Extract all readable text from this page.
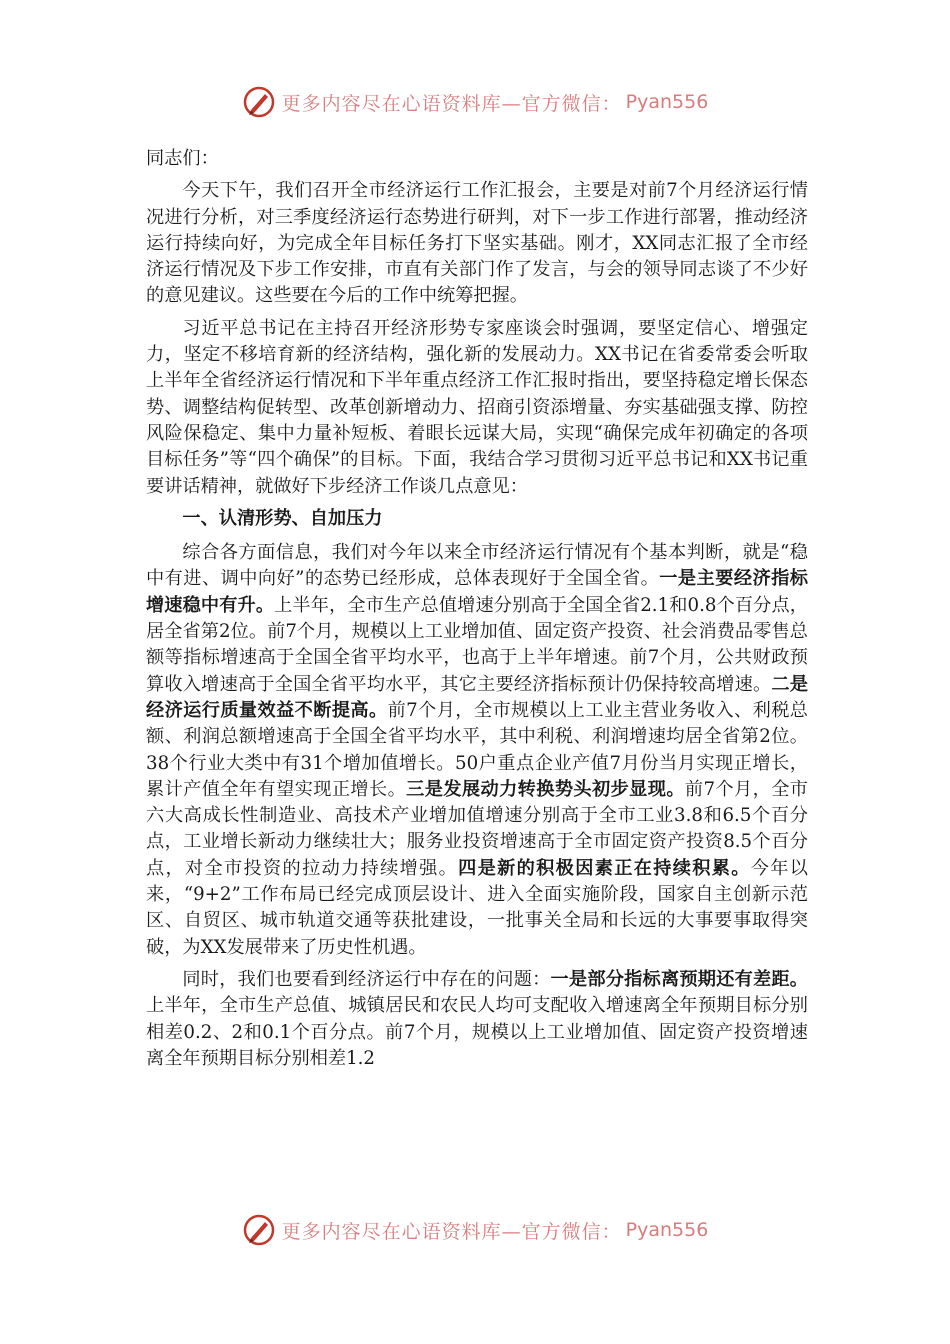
更多内容尽在心语资料库—官方微信： Pyan556

同志们：

今天下午，我们召开全市经济运行工作汇报会，主要是对前7个月经济运行情况进行分析，对三季度经济运行态势进行研判，对下一步工作进行部署，推动经济运行持续向好，为完成全年目标任务打下坚实基础。刚才，XX同志汇报了全市经济运行情况及下步工作安排，市直有关部门作了发言，与会的领导同志谈了不少好的意见建议。这些要在今后的工作中统筹把握。

习近平总书记在主持召开经济形势专家座谈会时强调，要坚定信心、增强定力，坚定不移培育新的经济结构，强化新的发展动力。XX书记在省委常委会听取上半年全省经济运行情况和下半年重点经济工作汇报时指出，要坚持稳定增长保态势、调整结构促转型、改革创新增动力、招商引资添增量、夯实基础强支撑、防控风险保稳定、集中力量补短板、着眼长远谋大局，实现“确保完成年初确定的各项目标任务”等“四个确保”的目标。下面，我结合学习贯彻习近平总书记和XX书记重要讲话精神，就做好下步经济工作谈几点意见：

一、认清形势、自加压力

综合各方面信息，我们对今年以来全市经济运行情况有个基本判断，就是“稳中有进、调中向好”的态势已经形成，总体表现好于全国全省。一是主要经济指标增速稳中有升。上半年，全市生产总值增速分别高于全国全省2.1和0.8个百分点，居全省第2位。前7个月，规模以上工业增加值、固定资产投资、社会消费品零售总额等指标增速高于全国全省平均水平，也高于上半年增速。前7个月，公共财政预算收入增速高于全国全省平均水平，其它主要经济指标预计仍保持较高增速。二是经济运行质量效益不断提高。前7个月，全市规模以上工业主营业务收入、利税总额、利润总额增速高于全国全省平均水平，其中利税、利润增速均居全省第2位。38个行业大类中有31个增加值增长。50户重点企业产值7月份当月实现正增长，累计产值全年有望实现正增长。三是发展动力转换势头初步显现。前7个月，全市六大高成长性制造业、高技术产业增加值增速分别高于全市工业3.8和6.5个百分点，工业增长新动力继续壮大；服务业投资增速高于全市固定资产投资8.5个百分点，对全市投资的拉动力持续增强。四是新的积极因素正在持续积累。今年以来，“9+2”工作布局已经完成顶层设计、进入全面实施阶段，国家自主创新示范区、自贸区、城市轨道交通等获批建设，一批事关全局和长远的大事要事取得突破，为XX发展带来了历史性机遇。

同时，我们也要看到经济运行中存在的问题：一是部分指标离预期还有差距。上半年，全市生产总值、城镇居民和农民人均可支配收入增速离全年预期目标分别相差0.2、2和0.1个百分点。前7个月，规模以上工业增加值、固定资产投资增速离全年预期目标分别相差1.2

更多内容尽在心语资料库—官方微信： Pyan556
